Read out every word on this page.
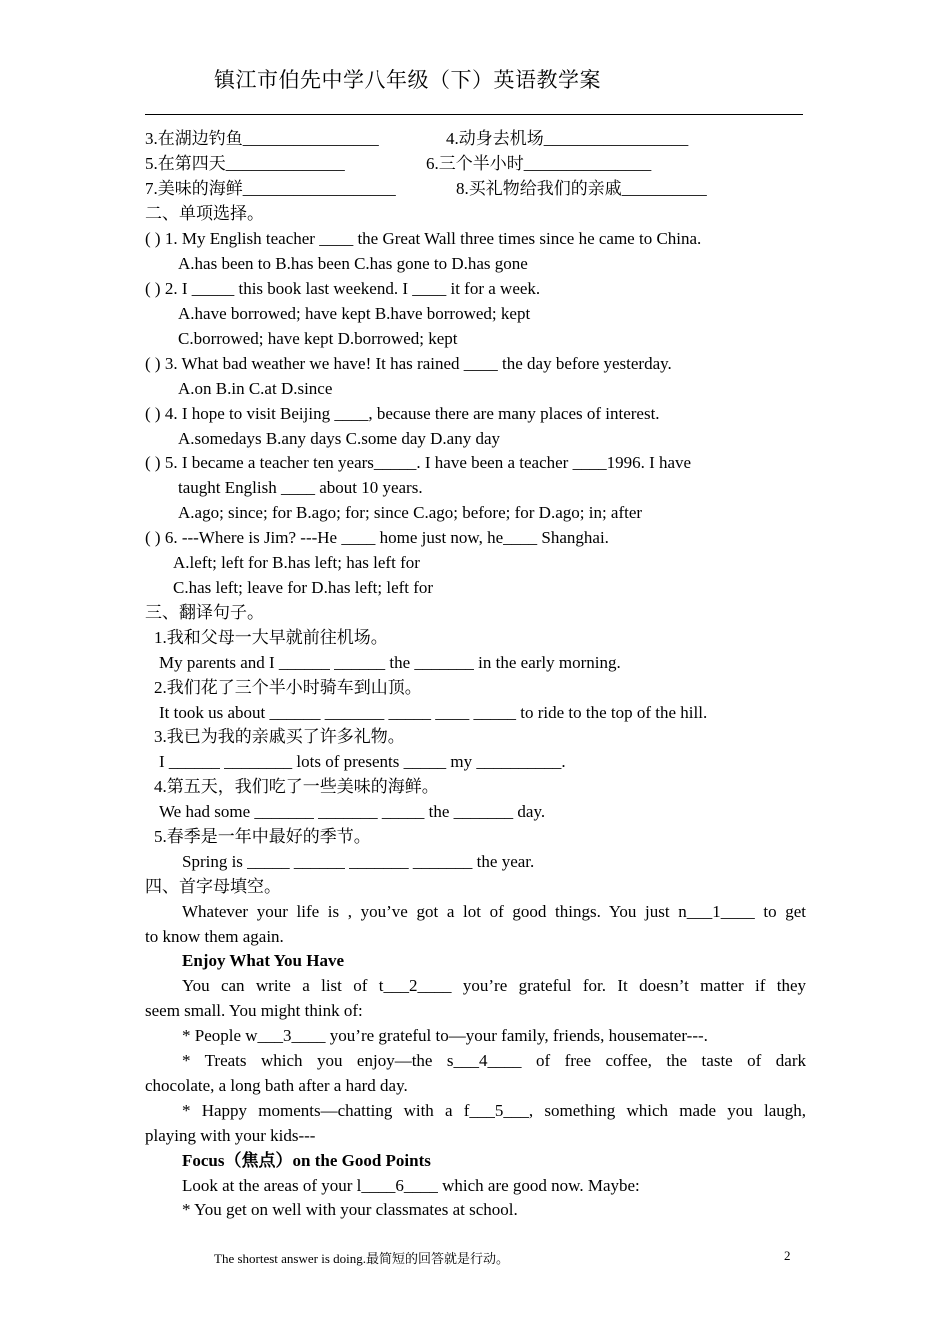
镇江市伯先中学八年级（下）英语教学案
3.在湖边钓鱼________________	4.动身去机场_________________
5.在第四天______________	6.三个半小时_______________
7.美味的海鲜__________________	8.买礼物给我们的亲戚__________
二、单项选择。
( ) 1. My English teacher ____ the Great Wall three times since he came to China.
A.has been to B.has been C.has gone to D.has gone
( ) 2. I _____ this book last weekend. I ____ it for a week.
A.have borrowed; have kept B.have borrowed; kept
C.borrowed; have kept D.borrowed; kept
( ) 3. What bad weather we have! It has rained ____ the day before yesterday.
A.on B.in C.at D.since
( ) 4. I hope to visit Beijing ____, because there are many places of interest.
A.somedays B.any days C.some day D.any day
( ) 5. I became a teacher ten years_____. I have been a teacher ____1996. I have
taught English ____ about 10 years.
A.ago; since; for B.ago; for; since C.ago; before; for D.ago; in; after
( ) 6. ---Where is Jim? ---He ____ home just now, he____ Shanghai.
A.left; left for B.has left; has left for
C.has left; leave for D.has left; left for
三、翻译句子。
1.我和父母一大早就前往机场。
My parents and I ______ ______ the _______ in the early morning.
2.我们花了三个半小时骑车到山顶。
It took us about ______ _______ _____ ____ _____ to ride to the top of the hill.
3.我已为我的亲戚买了许多礼物。
I ______ ________ lots of presents _____ my __________.
4.第五天，我们吃了一些美味的海鲜。
We had some _______ _______ _____ the _______ day.
5.春季是一年中最好的季节。
Spring is _____ ______ _______ _______ the year.
四、首字母填空。
Whatever your life is , you’ve got a lot of good things. You just n___1____ to get
to know them again.
Enjoy What You Have
You can write a list of t___2____ you’re grateful for. It doesn’t matter if they
seem small. You might think of:
* People w___3____ you’re grateful to—your family, friends, housemater---.
* Treats which you enjoy—the s___4____ of free coffee, the taste of dark
chocolate, a long bath after a hard day.
* Happy moments—chatting with a f___5___, something which made you laugh,
playing with your kids---
Focus（焦点）on the Good Points
Look at the areas of your l____6____ which are good now. Maybe:
* You get on well with your classmates at school.
The shortest answer is doing.最简短的回答就是行动。	2
